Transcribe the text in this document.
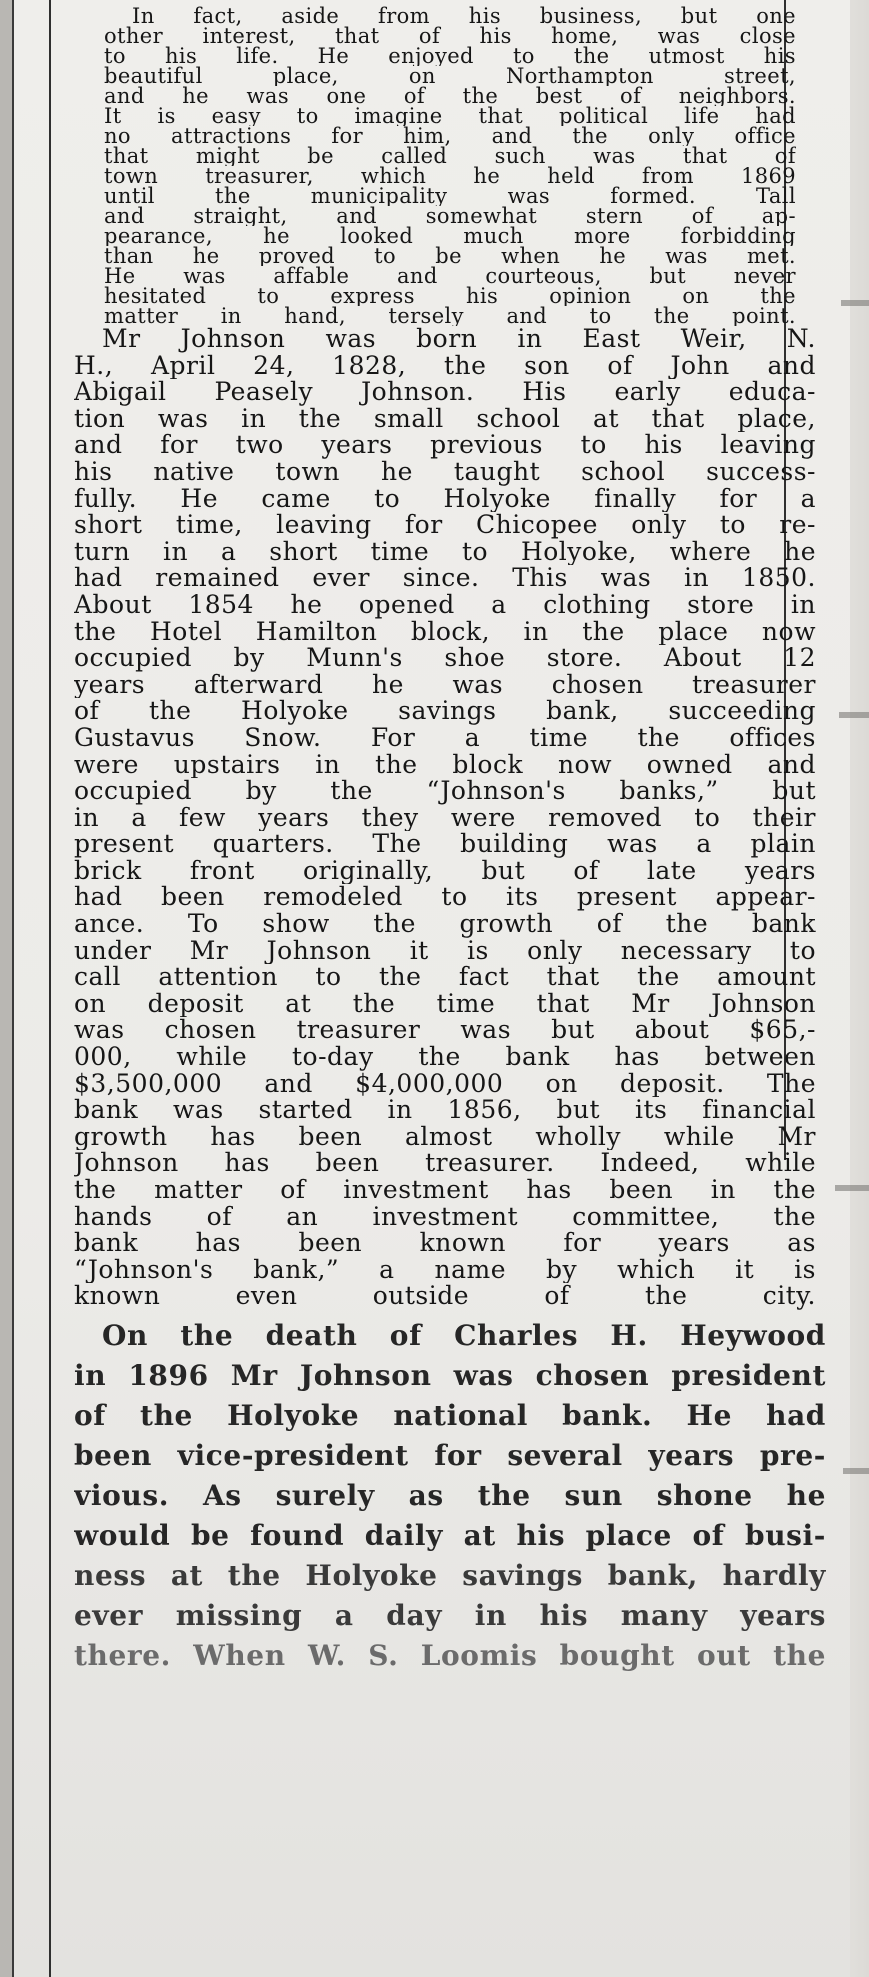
In fact, aside from his business, but one
other interest, that of his home, was close
to his life. He enjoyed to the utmost his
beautiful place, on Northampton street,
and he was one of the best of neighbors.
It is easy to imagine that political life had
no attractions for him, and the only office
that might be called such was that of
town treasurer, which he held from 1869
until the municipality was formed. Tall
and straight, and somewhat stern of ap-
pearance, he looked much more forbidding
than he proved to be when he was met.
He was affable and courteous, but never
hesitated to express his opinion on the
matter in hand, tersely and to the point.
Mr Johnson was born in East Weir, N.
H., April 24, 1828, the son of John and
Abigail Peasely Johnson. His early educa-
tion was in the small school at that place,
and for two years previous to his leaving
his native town he taught school success-
fully. He came to Holyoke finally for a
short time, leaving for Chicopee only to re-
turn in a short time to Holyoke, where he
had remained ever since. This was in 1850.
About 1854 he opened a clothing store in
the Hotel Hamilton block, in the place now
occupied by Munn's shoe store. About 12
years afterward he was chosen treasurer
of the Holyoke savings bank, succeeding
Gustavus Snow. For a time the offices
were upstairs in the block now owned and
occupied by the “Johnson's banks,” but
in a few years they were removed to their
present quarters. The building was a plain
brick front originally, but of late years
had been remodeled to its present appear-
ance. To show the growth of the bank
under Mr Johnson it is only necessary to
call attention to the fact that the amount
on deposit at the time that Mr Johnson
was chosen treasurer was but about $65,-
000, while to-day the bank has between
$3,500,000 and $4,000,000 on deposit. The
bank was started in 1856, but its financial
growth has been almost wholly while Mr
Johnson has been treasurer. Indeed, while
the matter of investment has been in the
hands of an investment committee, the
bank has been known for years as
“Johnson's bank,” a name by which it is
known even outside of the city.
On the death of Charles H. Heywood
in 1896 Mr Johnson was chosen president
of the Holyoke national bank. He had
been vice-president for several years pre-
vious. As surely as the sun shone he
would be found daily at his place of busi-
ness at the Holyoke savings bank, hardly
ever missing a day in his many years
there. When W. S. Loomis bought out the
